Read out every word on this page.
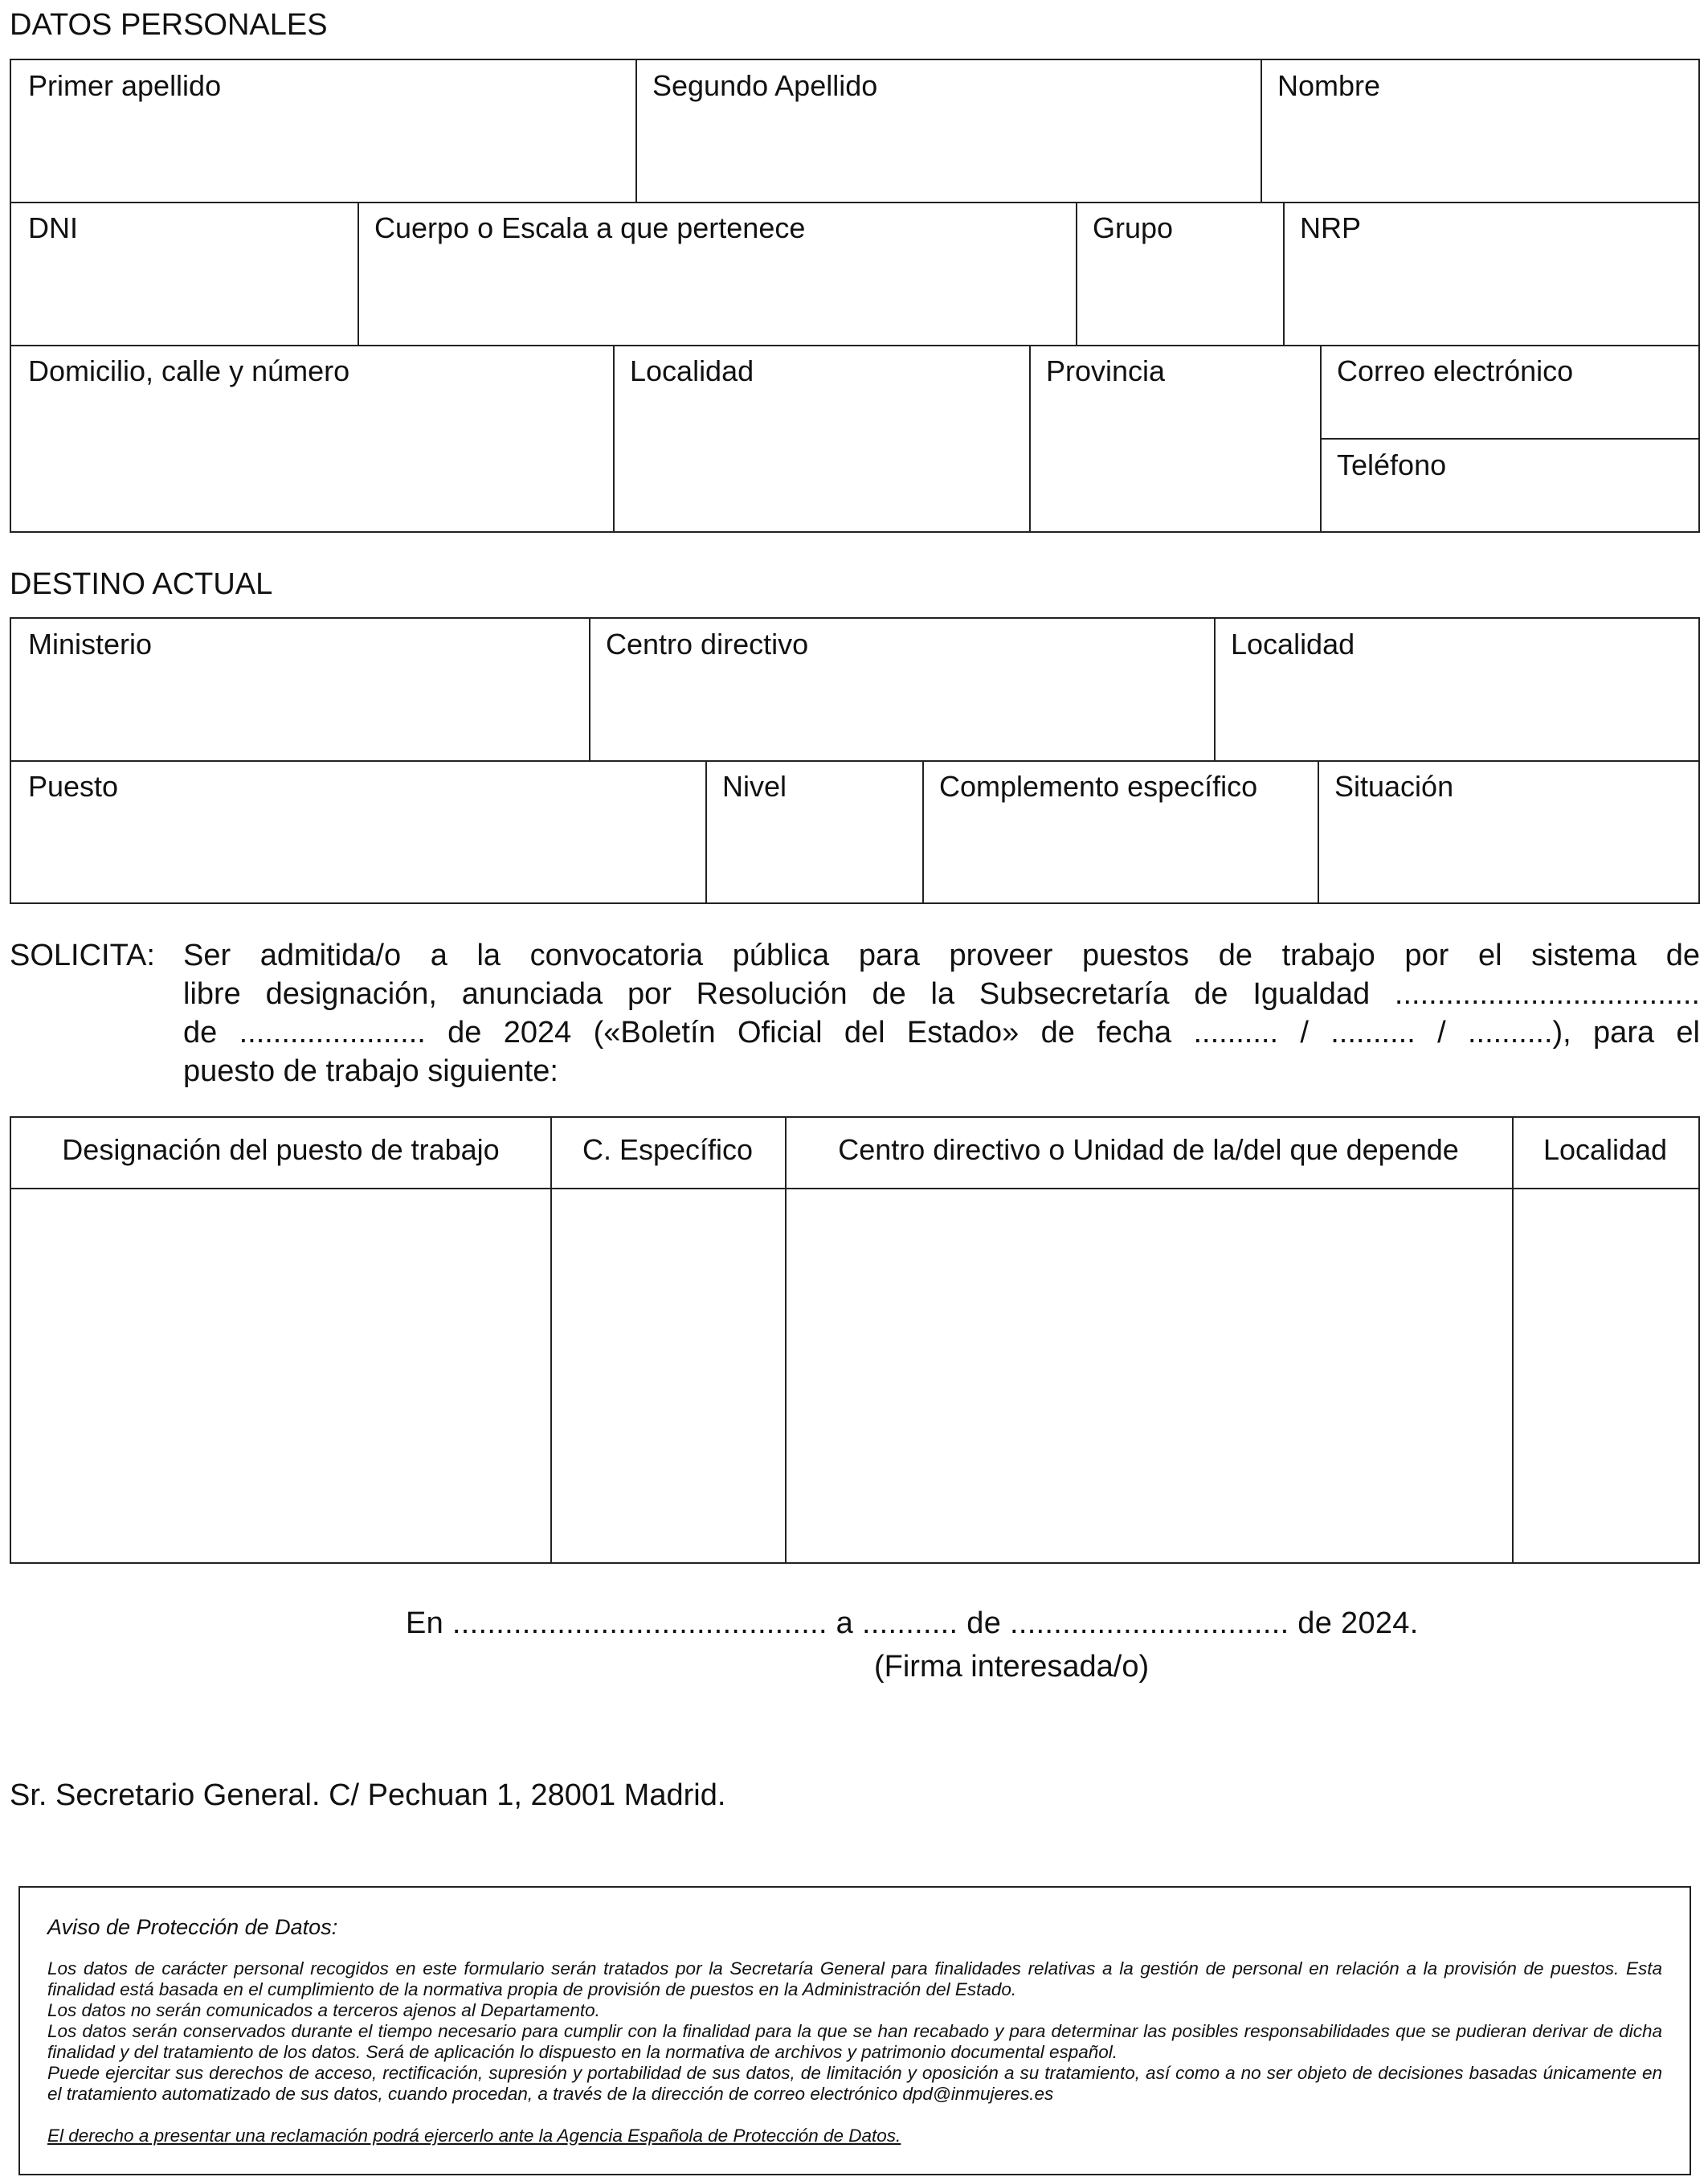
DATOS PERSONALES
Primer apellido	Segundo Apellido	Nombre
DNI	Cuerpo o Escala a que pertenece	Grupo	NRP
Domicilio, calle y número	Localidad	Provincia	Correo electrónico
Teléfono
DESTINO ACTUAL
Ministerio	Centro directivo	Localidad
Puesto	Nivel	Complemento específico	Situación
SOLICITA: Ser admitida/o a la convocatoria pública para proveer puestos de trabajo por el sistema de
libre designación, anunciada por Resolución de la Subsecretaría de Igualdad ....................................
de ...................... de 2024 («Boletín Oficial del Estado» de fecha .......... / .......... / ..........), para el
puesto de trabajo siguiente:
Designación del puesto de trabajo	C. Específico	Centro directivo o Unidad de la/del que depende	Localidad
En ........................................... a ........... de ................................ de 2024.
(Firma interesada/o)
Sr. Secretario General. C/ Pechuan 1, 28001 Madrid.

Aviso de Protección de Datos:

Los datos de carácter personal recogidos en este formulario serán tratados por la Secretaría General para finalidades relativas a la gestión de personal en relación a la provisión de puestos. Esta finalidad está basada en el cumplimiento de la normativa propia de provisión de puestos en la Administración del Estado.

Los datos no serán comunicados a terceros ajenos al Departamento.

Los datos serán conservados durante el tiempo necesario para cumplir con la finalidad para la que se han recabado y para determinar las posibles responsabilidades que se pudieran derivar de dicha finalidad y del tratamiento de los datos. Será de aplicación lo dispuesto en la normativa de archivos y patrimonio documental español.

Puede ejercitar sus derechos de acceso, rectificación, supresión y portabilidad de sus datos, de limitación y oposición a su tratamiento, así como a no ser objeto de decisiones basadas únicamente en el tratamiento automatizado de sus datos, cuando procedan, a través de la dirección de correo electrónico dpd@inmujeres.es

El derecho a presentar una reclamación podrá ejercerlo ante la Agencia Española de Protección de Datos.
